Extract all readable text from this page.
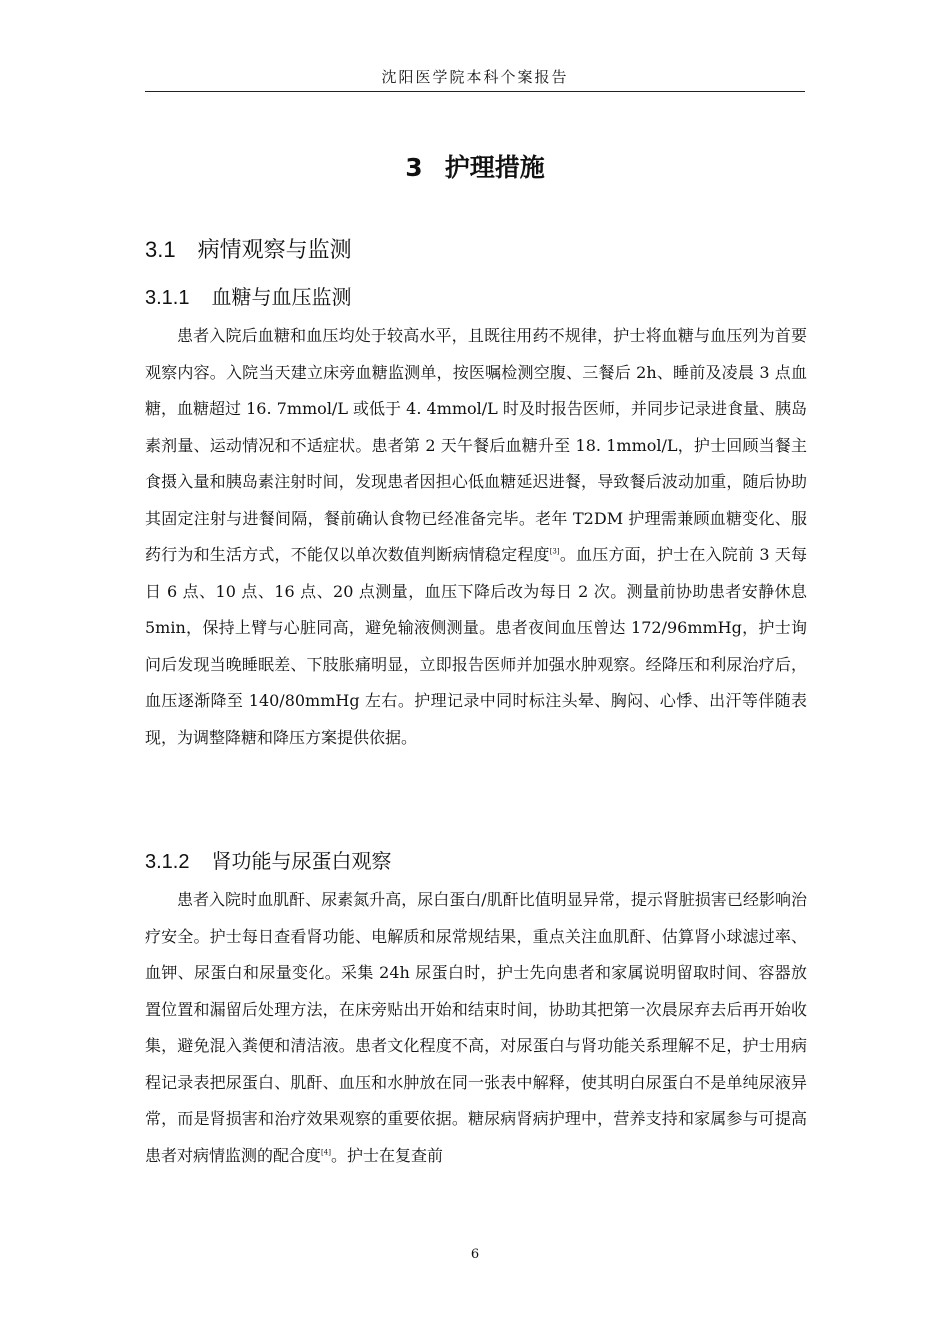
沈阳医学院本科个案报告
3 护理措施
3.1 病情观察与监测
3.1.1 血糖与血压监测
患者入院后血糖和血压均处于较高水平，且既往用药不规律，护士将血糖与血压列为首要观察内容。入院当天建立床旁血糖监测单，按医嘱检测空腹、三餐后 2h、睡前及凌晨 3 点血糖，血糖超过 16. 7mmol/L 或低于 4. 4mmol/L 时及时报告医师，并同步记录进食量、胰岛素剂量、运动情况和不适症状。患者第 2 天午餐后血糖升至 18. 1mmol/L，护士回顾当餐主食摄入量和胰岛素注射时间，发现患者因担心低血糖延迟进餐，导致餐后波动加重，随后协助其固定注射与进餐间隔，餐前确认食物已经准备完毕。老年 T2DM 护理需兼顾血糖变化、服药行为和生活方式，不能仅以单次数值判断病情稳定程度[3]。血压方面，护士在入院前 3 天每日 6 点、10 点、16 点、20 点测量，血压下降后改为每日 2 次。测量前协助患者安静休息 5min，保持上臂与心脏同高，避免输液侧测量。患者夜间血压曾达 172/96mmHg，护士询问后发现当晚睡眠差、下肢胀痛明显，立即报告医师并加强水肿观察。经降压和利尿治疗后，血压逐渐降至 140/80mmHg 左右。护理记录中同时标注头晕、胸闷、心悸、出汗等伴随表现，为调整降糖和降压方案提供依据。
3.1.2 肾功能与尿蛋白观察
患者入院时血肌酐、尿素氮升高，尿白蛋白/肌酐比值明显异常，提示肾脏损害已经影响治疗安全。护士每日查看肾功能、电解质和尿常规结果，重点关注血肌酐、估算肾小球滤过率、血钾、尿蛋白和尿量变化。采集 24h 尿蛋白时，护士先向患者和家属说明留取时间、容器放置位置和漏留后处理方法，在床旁贴出开始和结束时间，协助其把第一次晨尿弃去后再开始收集，避免混入粪便和清洁液。患者文化程度不高，对尿蛋白与肾功能关系理解不足，护士用病程记录表把尿蛋白、肌酐、血压和水肿放在同一张表中解释，使其明白尿蛋白不是单纯尿液异常，而是肾损害和治疗效果观察的重要依据。糖尿病肾病护理中，营养支持和家属参与可提高患者对病情监测的配合度[4]。护士在复查前
6
